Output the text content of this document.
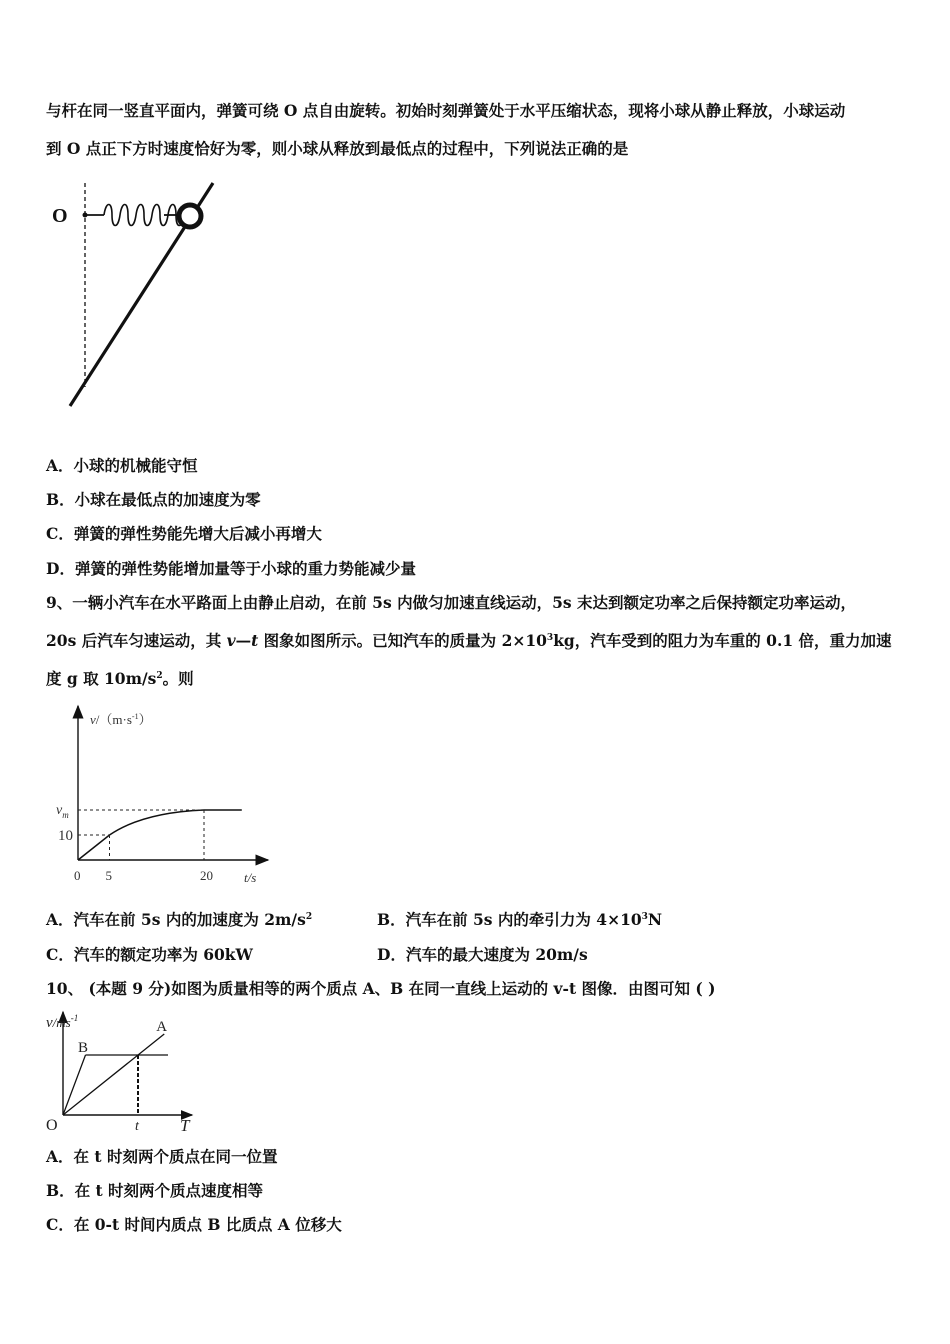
与杆在同一竖直平面内，弹簧可绕 O 点自由旋转。初始时刻弹簧处于水平压缩状态，现将小球从静止释放，小球运动
到 O 点正下方时速度恰好为零，则小球从释放到最低点的过程中，下列说法正确的是
O
A．小球的机械能守恒
B．小球在最低点的加速度为零
C．弹簧的弹性势能先增大后减小再增大
D．弹簧的弹性势能增加量等于小球的重力势能减少量
9、一辆小汽车在水平路面上由静止启动，在前 5s 内做匀加速直线运动，5s 末达到额定功率之后保持额定功率运动，
20s 后汽车匀速运动，其 v—t 图象如图所示。已知汽车的质量为 $2\times 10^3kg$，汽车受到的阻力为车重的 0.1 倍，重力加速
度 g 取 $10m/s^2$。则
$v/(m\cdot s^{-1})$
0 5	20
10
$v_m$
t/s
A．汽车在前 5s 内的加速度为 $2m/s^2$	B．汽车在前 5s 内的牵引力为 $4\times 10^3N$
C．汽车的额定功率为 60kW	D．汽车的最大速度为 20m/s
10、 (本题 9 分)如图为质量相等的两个质点 A、B 在同一直线上运动的 v-t 图像．由图可知 ( )
$v/ms^{-1}$
A
B
t
O	T
A．在 t 时刻两个质点在同一位置
B．在 t 时刻两个质点速度相等
C．在 0-t 时间内质点 B 比质点 A 位移大
